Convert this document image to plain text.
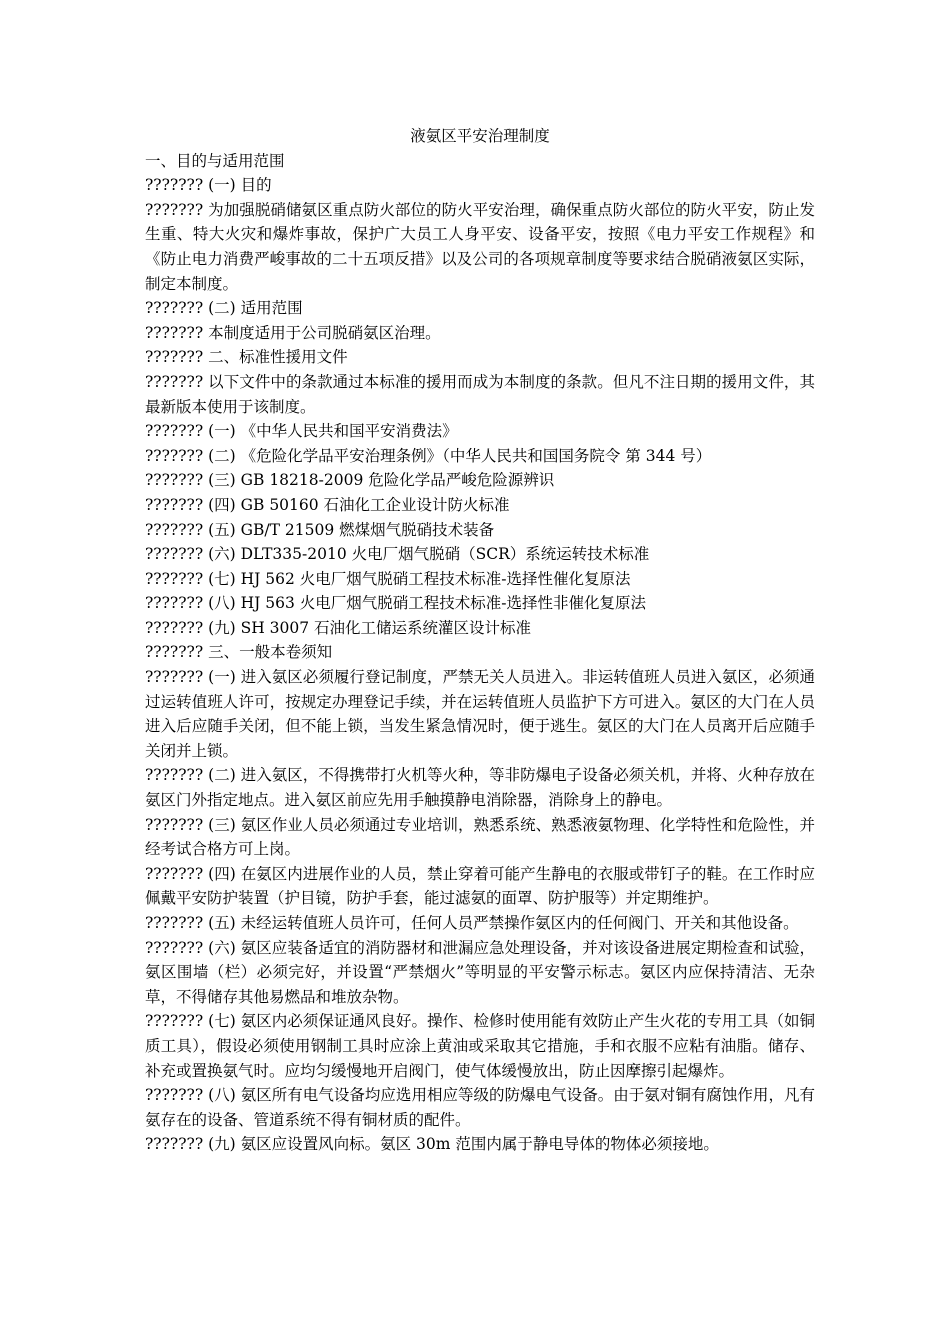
液氨区平安治理制度

一、目的与适用范围

??????? (一) 目的

??????? 为加强脱硝储氨区重点防火部位的防火平安治理，确保重点防火部位的防火平安，防止发生重、特大火灾和爆炸事故，保护广大员工人身平安、设备平安，按照《电力平安工作规程》和《防止电力消费严峻事故的二十五项反措》以及公司的各项规章制度等要求结合脱硝液氨区实际，制定本制度。

??????? (二) 适用范围

??????? 本制度适用于公司脱硝氨区治理。

??????? 二、标准性援用文件

??????? 以下文件中的条款通过本标准的援用而成为本制度的条款。但凡不注日期的援用文件，其最新版本使用于该制度。

??????? (一) 《中华人民共和国平安消费法》

??????? (二) 《危险化学品平安治理条例》（中华人民共和国国务院令 第 344 号）

??????? (三) GB 18218-2009 危险化学品严峻危险源辨识

??????? (四) GB 50160 石油化工企业设计防火标准

??????? (五) GB/T 21509 燃煤烟气脱硝技术装备

??????? (六) DLT335-2010 火电厂烟气脱硝（SCR）系统运转技术标准

??????? (七) HJ 562 火电厂烟气脱硝工程技术标准-选择性催化复原法

??????? (八) HJ 563 火电厂烟气脱硝工程技术标准-选择性非催化复原法

??????? (九) SH 3007 石油化工储运系统灌区设计标准

??????? 三、一般本卷须知

??????? (一) 进入氨区必须履行登记制度，严禁无关人员进入。非运转值班人员进入氨区，必须通过运转值班人许可，按规定办理登记手续，并在运转值班人员监护下方可进入。氨区的大门在人员进入后应随手关闭，但不能上锁，当发生紧急情况时，便于逃生。氨区的大门在人员离开后应随手关闭并上锁。

??????? (二) 进入氨区，不得携带打火机等火种，等非防爆电子设备必须关机，并将、火种存放在氨区门外指定地点。进入氨区前应先用手触摸静电消除器，消除身上的静电。

??????? (三) 氨区作业人员必须通过专业培训，熟悉系统、熟悉液氨物理、化学特性和危险性，并经考试合格方可上岗。

??????? (四) 在氨区内进展作业的人员，禁止穿着可能产生静电的衣服或带钉子的鞋。在工作时应佩戴平安防护装置（护目镜，防护手套，能过滤氨的面罩、防护服等）并定期维护。

??????? (五) 未经运转值班人员许可，任何人员严禁操作氨区内的任何阀门、开关和其他设备。

??????? (六) 氨区应装备适宜的消防器材和泄漏应急处理设备，并对该设备进展定期检查和试验，氨区围墙（栏）必须完好，并设置“严禁烟火”等明显的平安警示标志。氨区内应保持清洁、无杂草，不得储存其他易燃品和堆放杂物。

??????? (七) 氨区内必须保证通风良好。操作、检修时使用能有效防止产生火花的专用工具（如铜质工具），假设必须使用钢制工具时应涂上黄油或采取其它措施，手和衣服不应粘有油脂。储存、补充或置换氨气时。应均匀缓慢地开启阀门，使气体缓慢放出，防止因摩擦引起爆炸。

??????? (八) 氨区所有电气设备均应选用相应等级的防爆电气设备。由于氨对铜有腐蚀作用，凡有氨存在的设备、管道系统不得有铜材质的配件。

??????? (九) 氨区应设置风向标。氨区 30m 范围内属于静电导体的物体必须接地。
